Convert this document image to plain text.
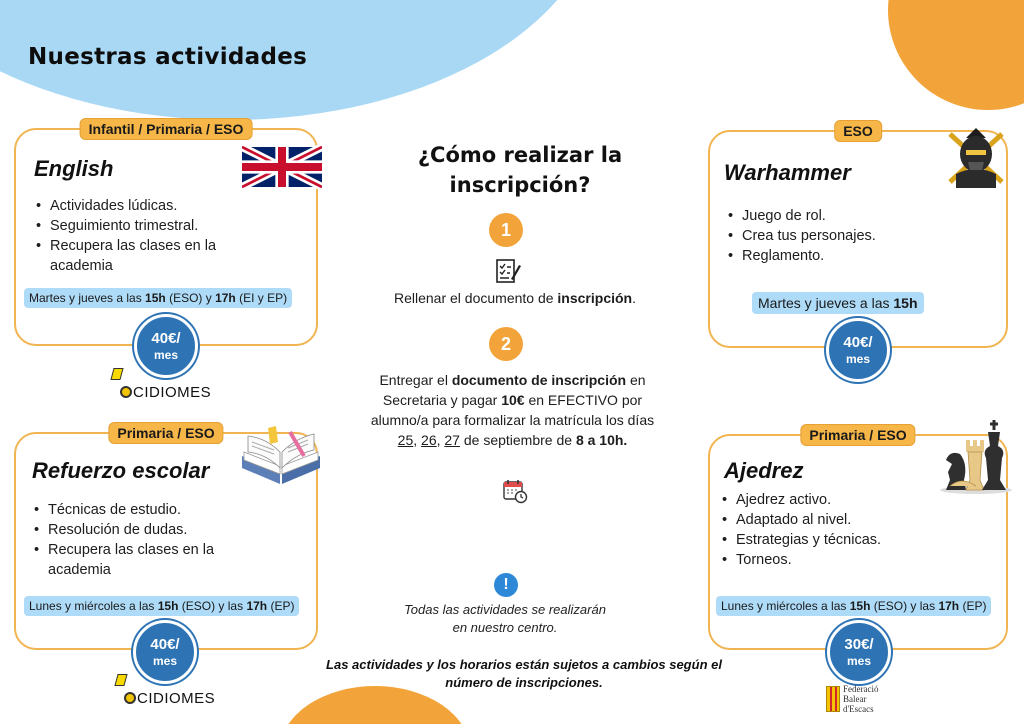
Nuestras actividades
Infantil / Primaria / ESO
English
• Actividades lúdicas.
• Seguimiento trimestral.
• Recupera las clases en la academia
Martes y jueves a las 15h (ESO) y 17h (EI y EP)
40€/
mes
CIDIOMES
Primaria / ESO
Refuerzo escolar
• Técnicas de estudio.
• Resolución de dudas.
• Recupera las clases en la academia
Lunes y miércoles a las 15h (ESO) y las 17h (EP)
40€/
mes
CIDIOMES
ESO
Warhammer
• Juego de rol.
• Crea tus personajes.
• Reglamento.
Martes y jueves a las 15h
40€/
mes
Primaria / ESO
Ajedrez
• Ajedrez activo.
• Adaptado al nivel.
• Estrategias y técnicas.
• Torneos.
Lunes y miércoles a las 15h (ESO) y las 17h (EP)
30€/
mes
Federació
Balear
d'Escacs
¿Cómo realizar la inscripción?
1
Rellenar el documento de inscripción.
2
Entregar el documento de inscripción en Secretaria y pagar 10€ en EFECTIVO por alumno/a para formalizar la matrícula los días 25, 26, 27 de septiembre de 8 a 10h.
!
Todas las actividades se realizarán en nuestro centro.
Las actividades y los horarios están sujetos a cambios según el número de inscripciones.
